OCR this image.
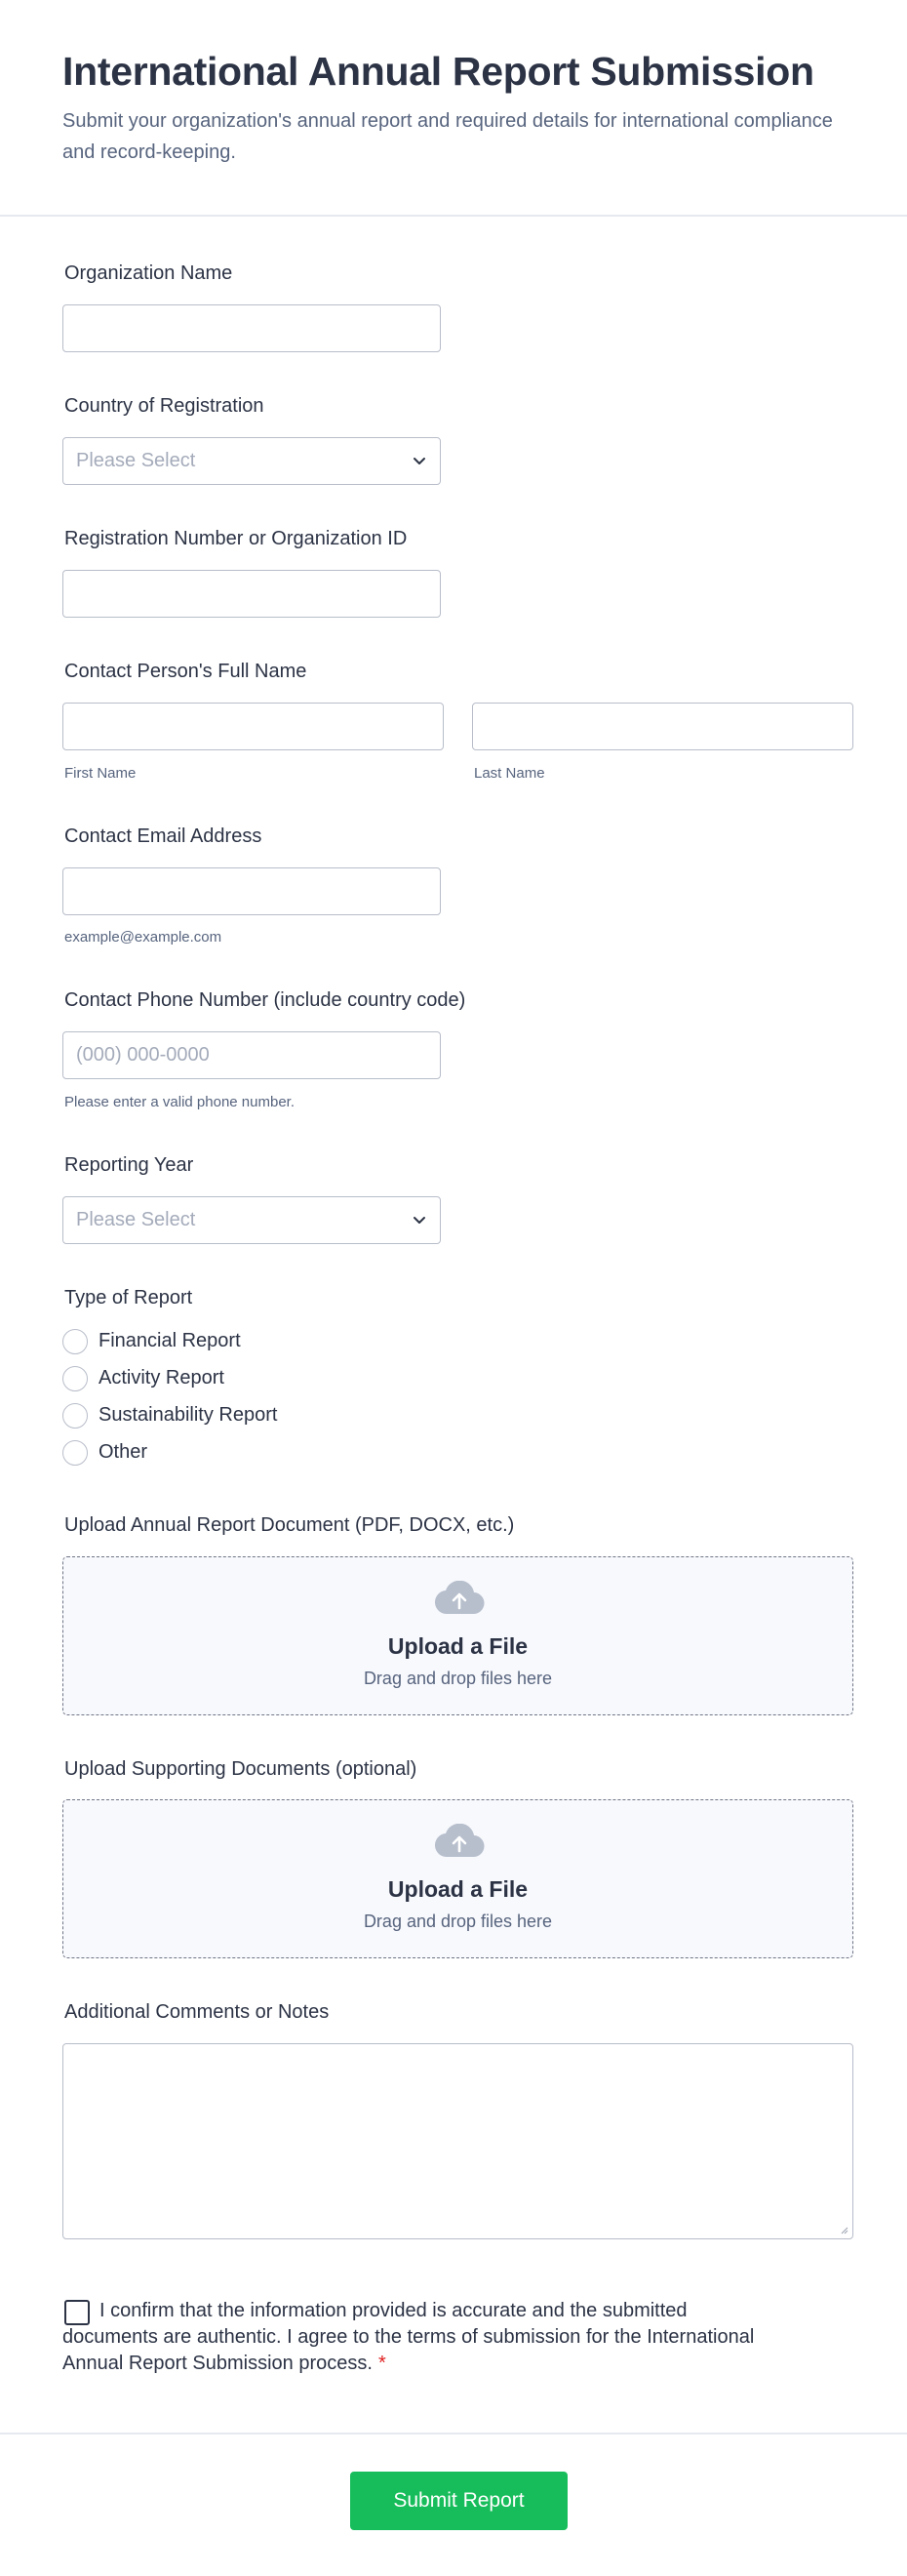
International Annual Report Submission
Submit your organization's annual report and required details for international compliance and record-keeping.
Organization Name
Country of Registration
Please Select
Registration Number or Organization ID
Contact Person's Full Name
First Name	Last Name
Contact Email Address
example@example.com
Contact Phone Number (include country code)
(000) 000-0000
Please enter a valid phone number.
Reporting Year
Please Select
Type of Report
Financial Report
Activity Report
Sustainability Report
Other
Upload Annual Report Document (PDF, DOCX, etc.)
Upload a File
Drag and drop files here
Upload Supporting Documents (optional)
Upload a File
Drag and drop files here
Additional Comments or Notes
I confirm that the information provided is accurate and the submitted documents are authentic. I agree to the terms of submission for the International Annual Report Submission process. *
Submit Report
